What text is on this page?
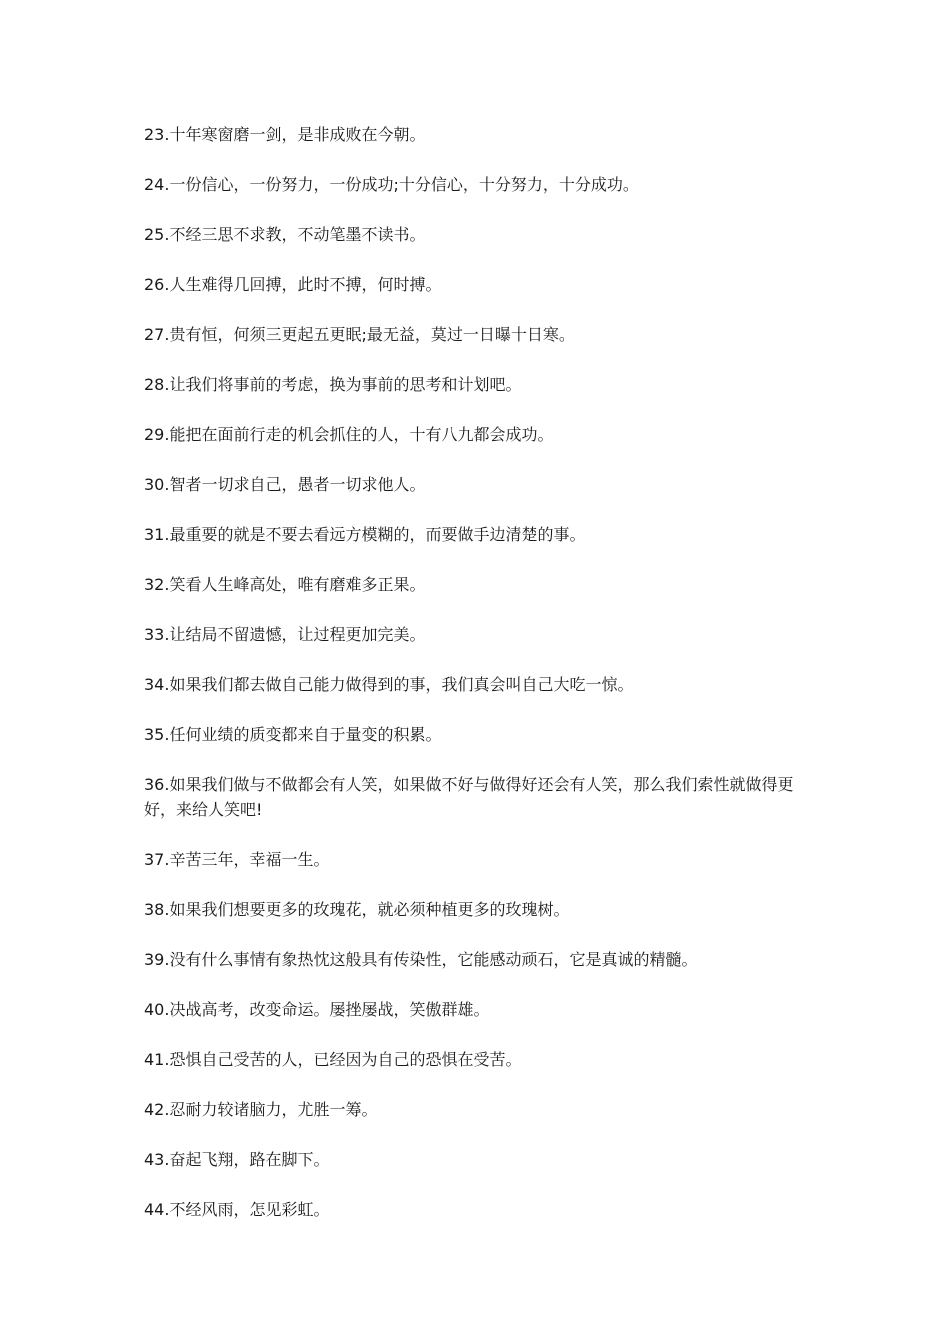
23.十年寒窗磨一剑，是非成败在今朝。

24.一份信心，一份努力，一份成功;十分信心，十分努力，十分成功。

25.不经三思不求教，不动笔墨不读书。

26.人生难得几回搏，此时不搏，何时搏。

27.贵有恒，何须三更起五更眠;最无益，莫过一日曝十日寒。

28.让我们将事前的考虑，换为事前的思考和计划吧。

29.能把在面前行走的机会抓住的人，十有八九都会成功。

30.智者一切求自己，愚者一切求他人。

31.最重要的就是不要去看远方模糊的，而要做手边清楚的事。

32.笑看人生峰高处，唯有磨难多正果。

33.让结局不留遗憾，让过程更加完美。

34.如果我们都去做自己能力做得到的事，我们真会叫自己大吃一惊。

35.任何业绩的质变都来自于量变的积累。

36.如果我们做与不做都会有人笑，如果做不好与做得好还会有人笑，那么我们索性就做得更好，来给人笑吧!

37.辛苦三年，幸福一生。

38.如果我们想要更多的玫瑰花，就必须种植更多的玫瑰树。

39.没有什么事情有象热忱这般具有传染性，它能感动顽石，它是真诚的精髓。

40.决战高考，改变命运。屡挫屡战，笑傲群雄。

41.恐惧自己受苦的人，已经因为自己的恐惧在受苦。

42.忍耐力较诸脑力，尤胜一筹。

43.奋起飞翔，路在脚下。

44.不经风雨，怎见彩虹。
